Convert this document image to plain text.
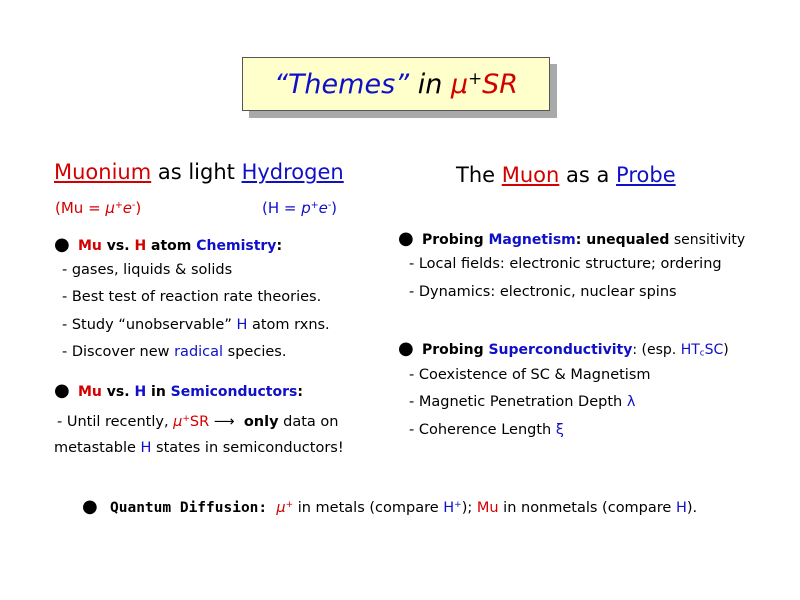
“Themes” in µ+SR
Muonium as light Hydrogen
(Mu = µ+e-)	(H = p+e-)
● Mu vs. H atom Chemistry:
- gases, liquids & solids
- Best test of reaction rate theories.
- Study “unobservable” H atom rxns.
- Discover new radical species.
● Mu vs. H in Semiconductors:
- Until recently, µ+SR ⟶ only data on
metastable H states in semiconductors!
The Muon as a Probe
● Probing Magnetism: unequaled sensitivity
- Local fields: electronic structure; ordering
- Dynamics: electronic, nuclear spins
● Probing Superconductivity: (esp. $HT_cSC$)
- Coexistence of SC & Magnetism
- Magnetic Penetration Depth λ
- Coherence Length ξ
● Quantum Diffusion: µ+ in metals (compare H+); Mu in nonmetals (compare H).
